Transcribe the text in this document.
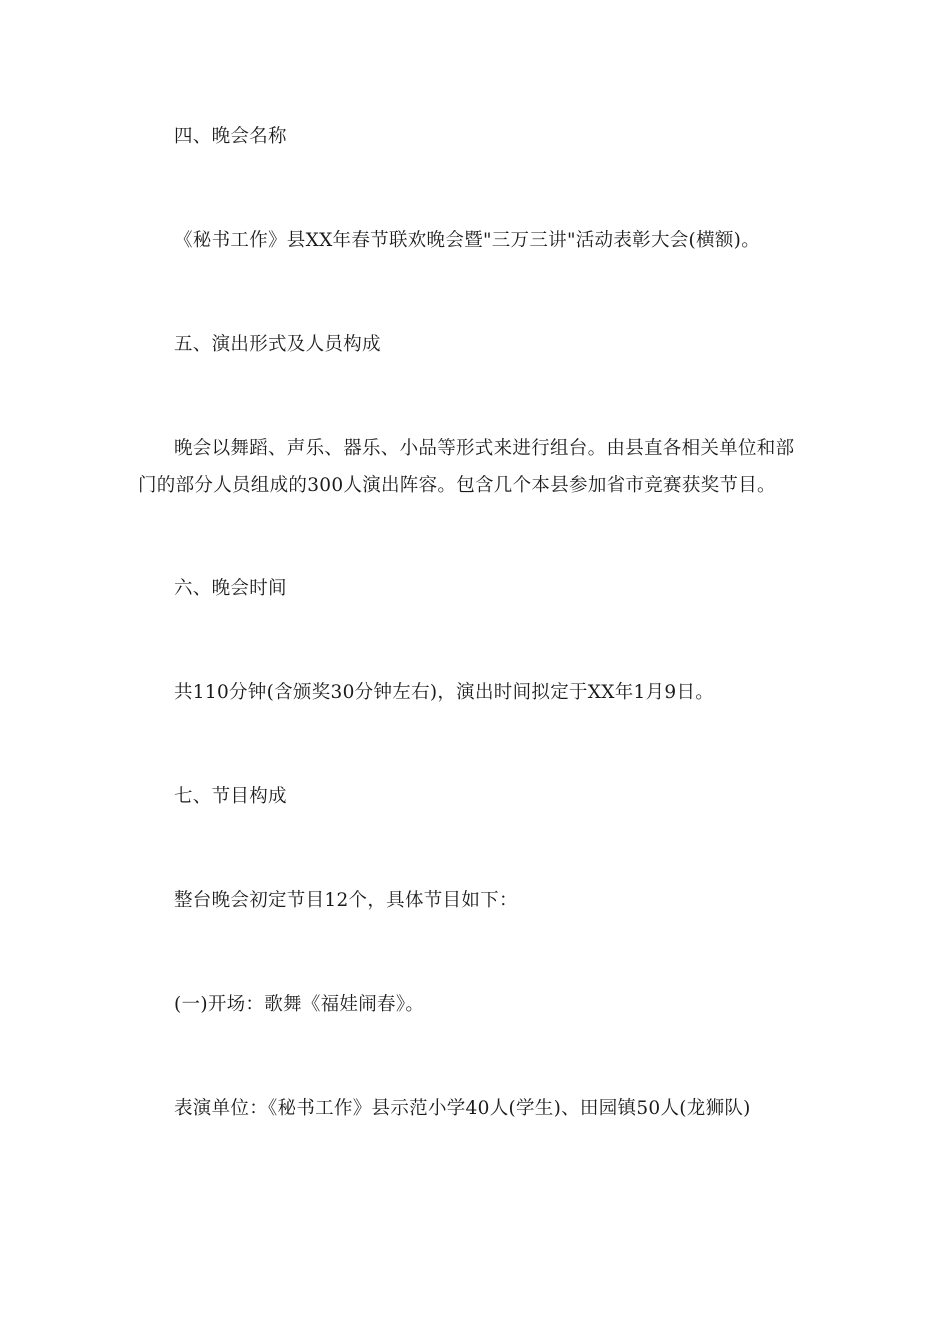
四、晚会名称
《秘书工作》县XX年春节联欢晚会暨"三万三讲"活动表彰大会(横额)。
五、演出形式及人员构成
晚会以舞蹈、声乐、器乐、小品等形式来进行组台。由县直各相关单位和部
门的部分人员组成的300人演出阵容。包含几个本县参加省市竞赛获奖节目。
六、晚会时间
共110分钟(含颁奖30分钟左右)，演出时间拟定于XX年1月9日。
七、节目构成
整台晚会初定节目12个，具体节目如下：
(一)开场：歌舞《福娃闹春》。
表演单位：《秘书工作》县示范小学40人(学生)、田园镇50人(龙狮队)
